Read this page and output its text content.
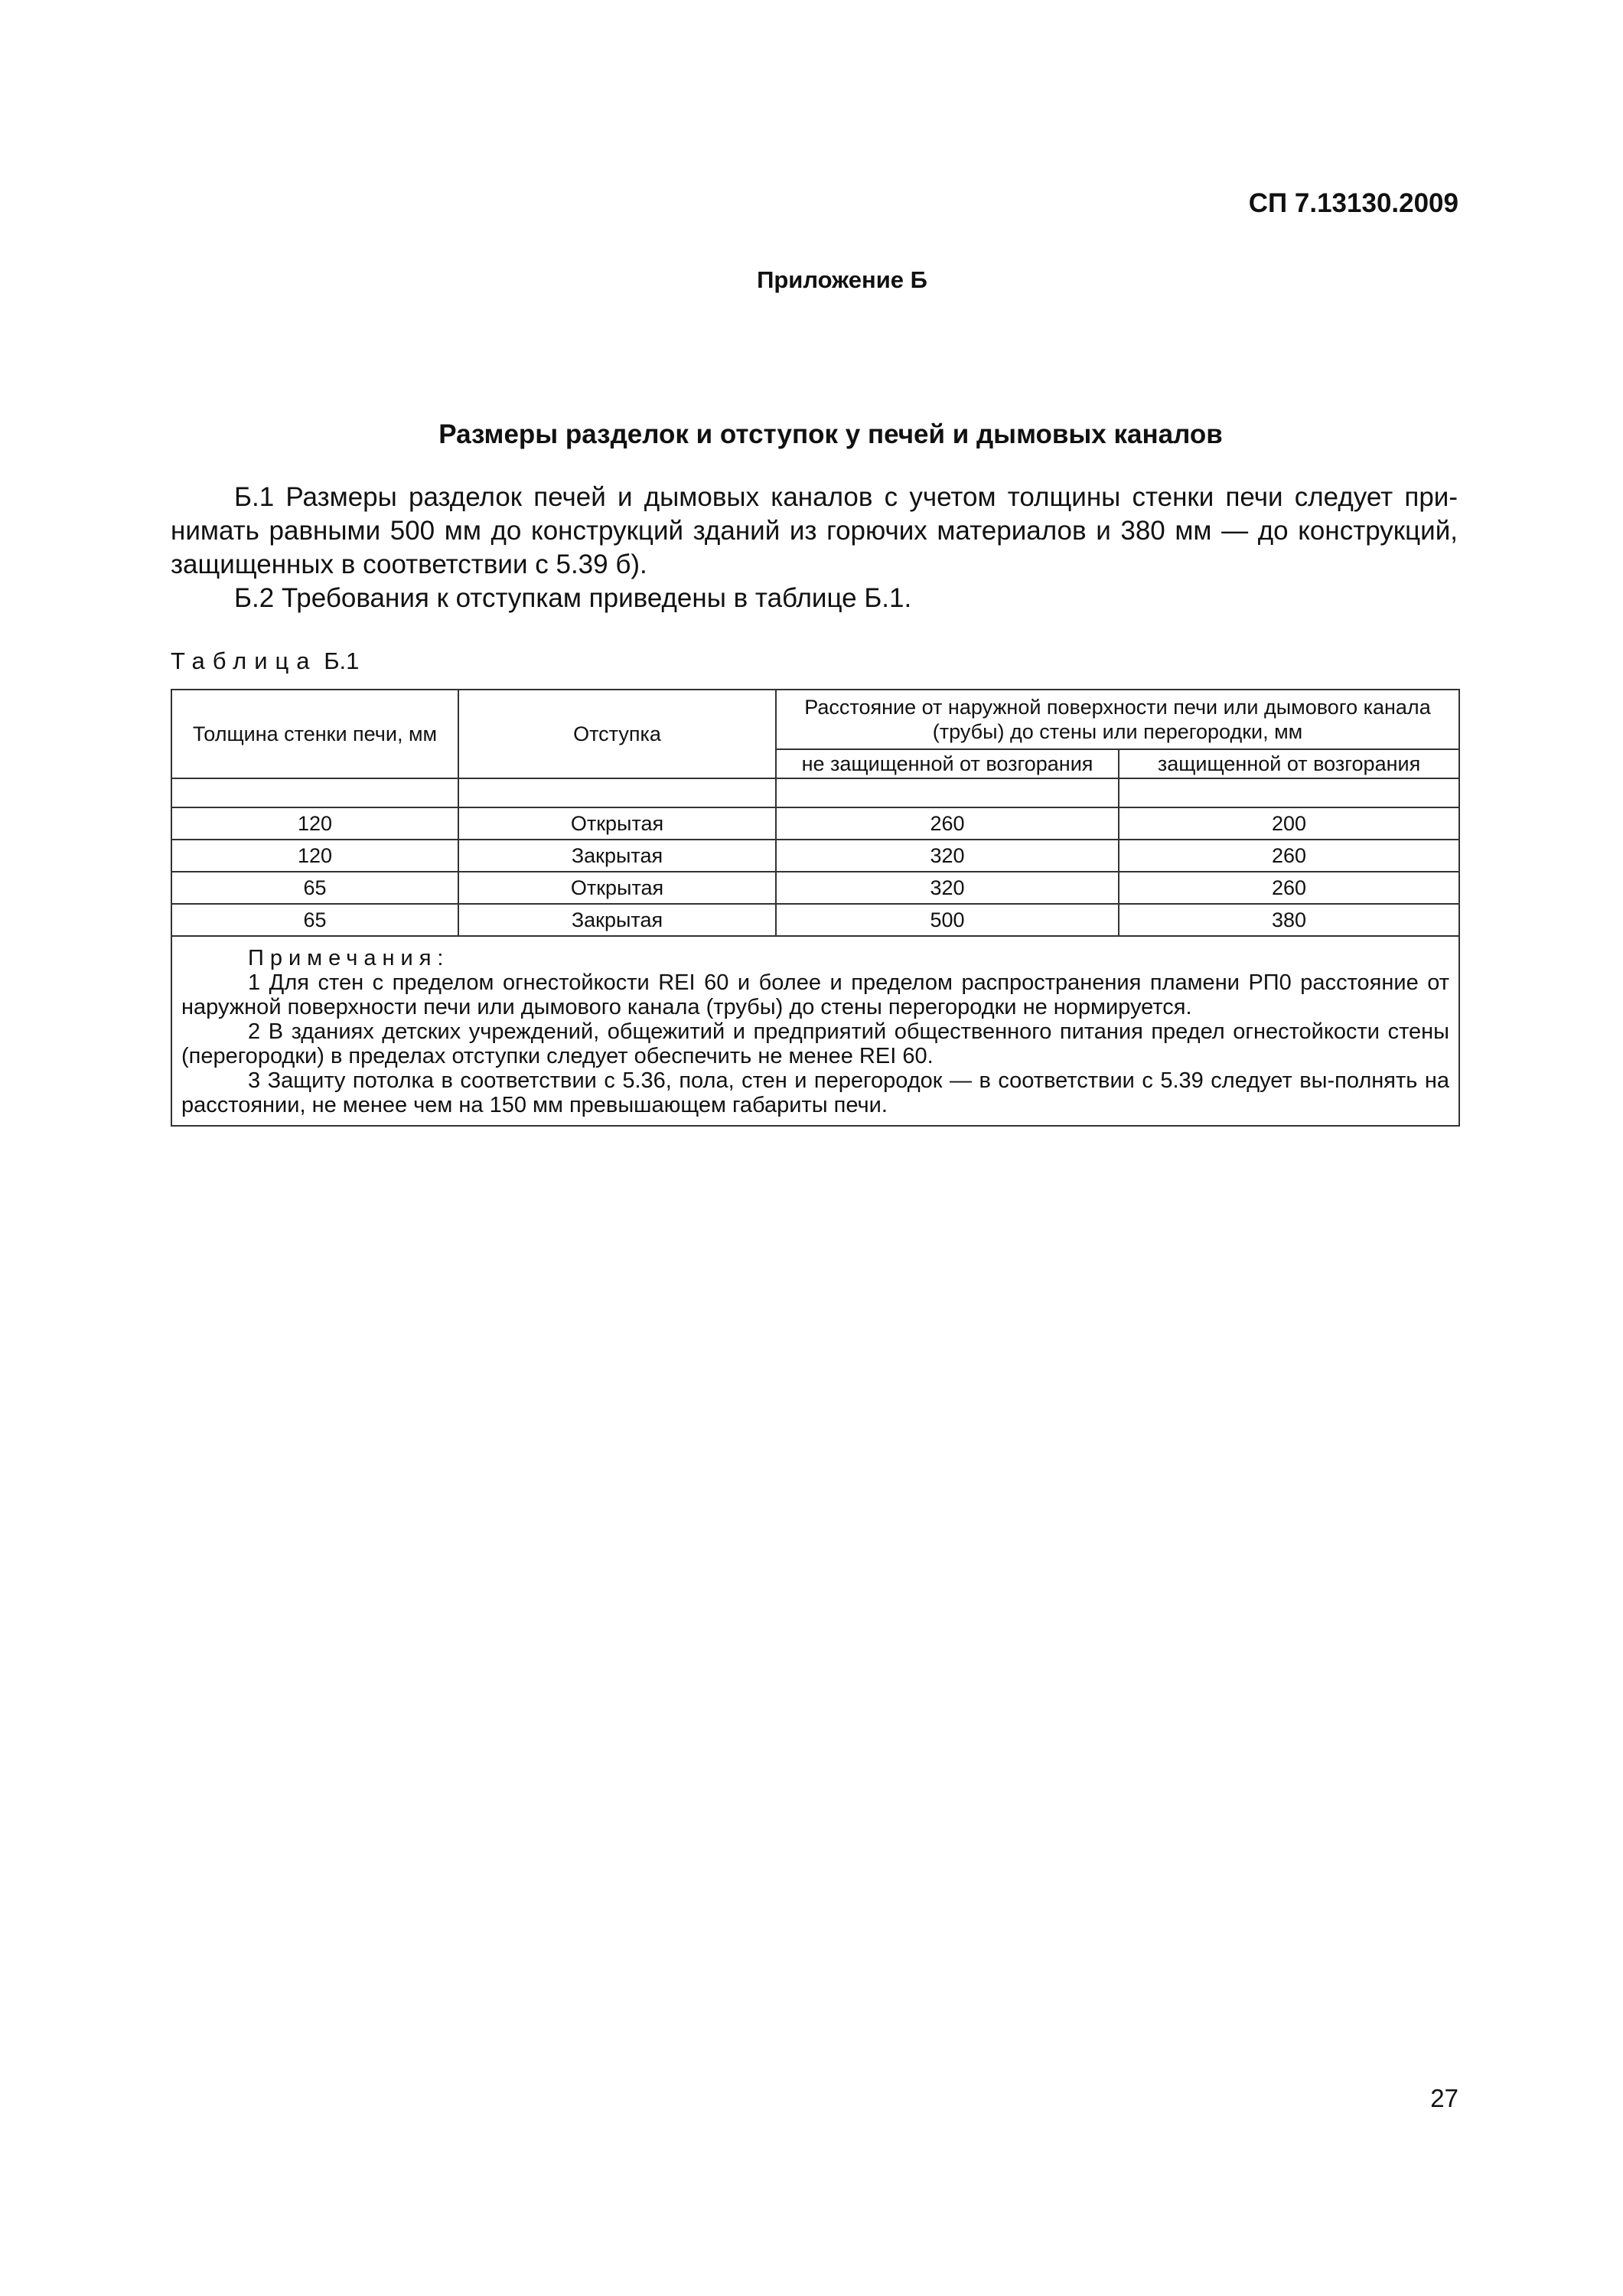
СП 7.13130.2009

Приложение Б

Размеры разделок и отступок у печей и дымовых каналов

Б.1 Размеры разделок печей и дымовых каналов с учетом толщины стенки печи следует при-нимать равными 500 мм до конструкций зданий из горючих материалов и 380 мм — до конструкций, защищенных в соответствии с 5.39 б).

Б.2 Требования к отступкам приведены в таблице Б.1.

Таблица Б.1

Толщина стенки печи, мм	Отступка	Расстояние от наружной поверхности печи или дымового канала (трубы) до стены или перегородки, мм	
		не защищенной от возгорания	защищенной от возгорания

120	Открытая	260	200
120	Закрытая	320	260
65	Открытая	320	260
65	Закрытая	500	380

Примечания:

1 Для стен с пределом огнестойкости REI 60 и более и пределом распространения пламени РП0 расстояние от наружной поверхности печи или дымового канала (трубы) до стены перегородки не нормируется.

2 В зданиях детских учреждений, общежитий и предприятий общественного питания предел огнестойкости стены (перегородки) в пределах отступки следует обеспечить не менее REI 60.

3 Защиту потолка в соответствии с 5.36, пола, стен и перегородок — в соответствии с 5.39 следует вы-полнять на расстоянии, не менее чем на 150 мм превышающем габариты печи.			

27
